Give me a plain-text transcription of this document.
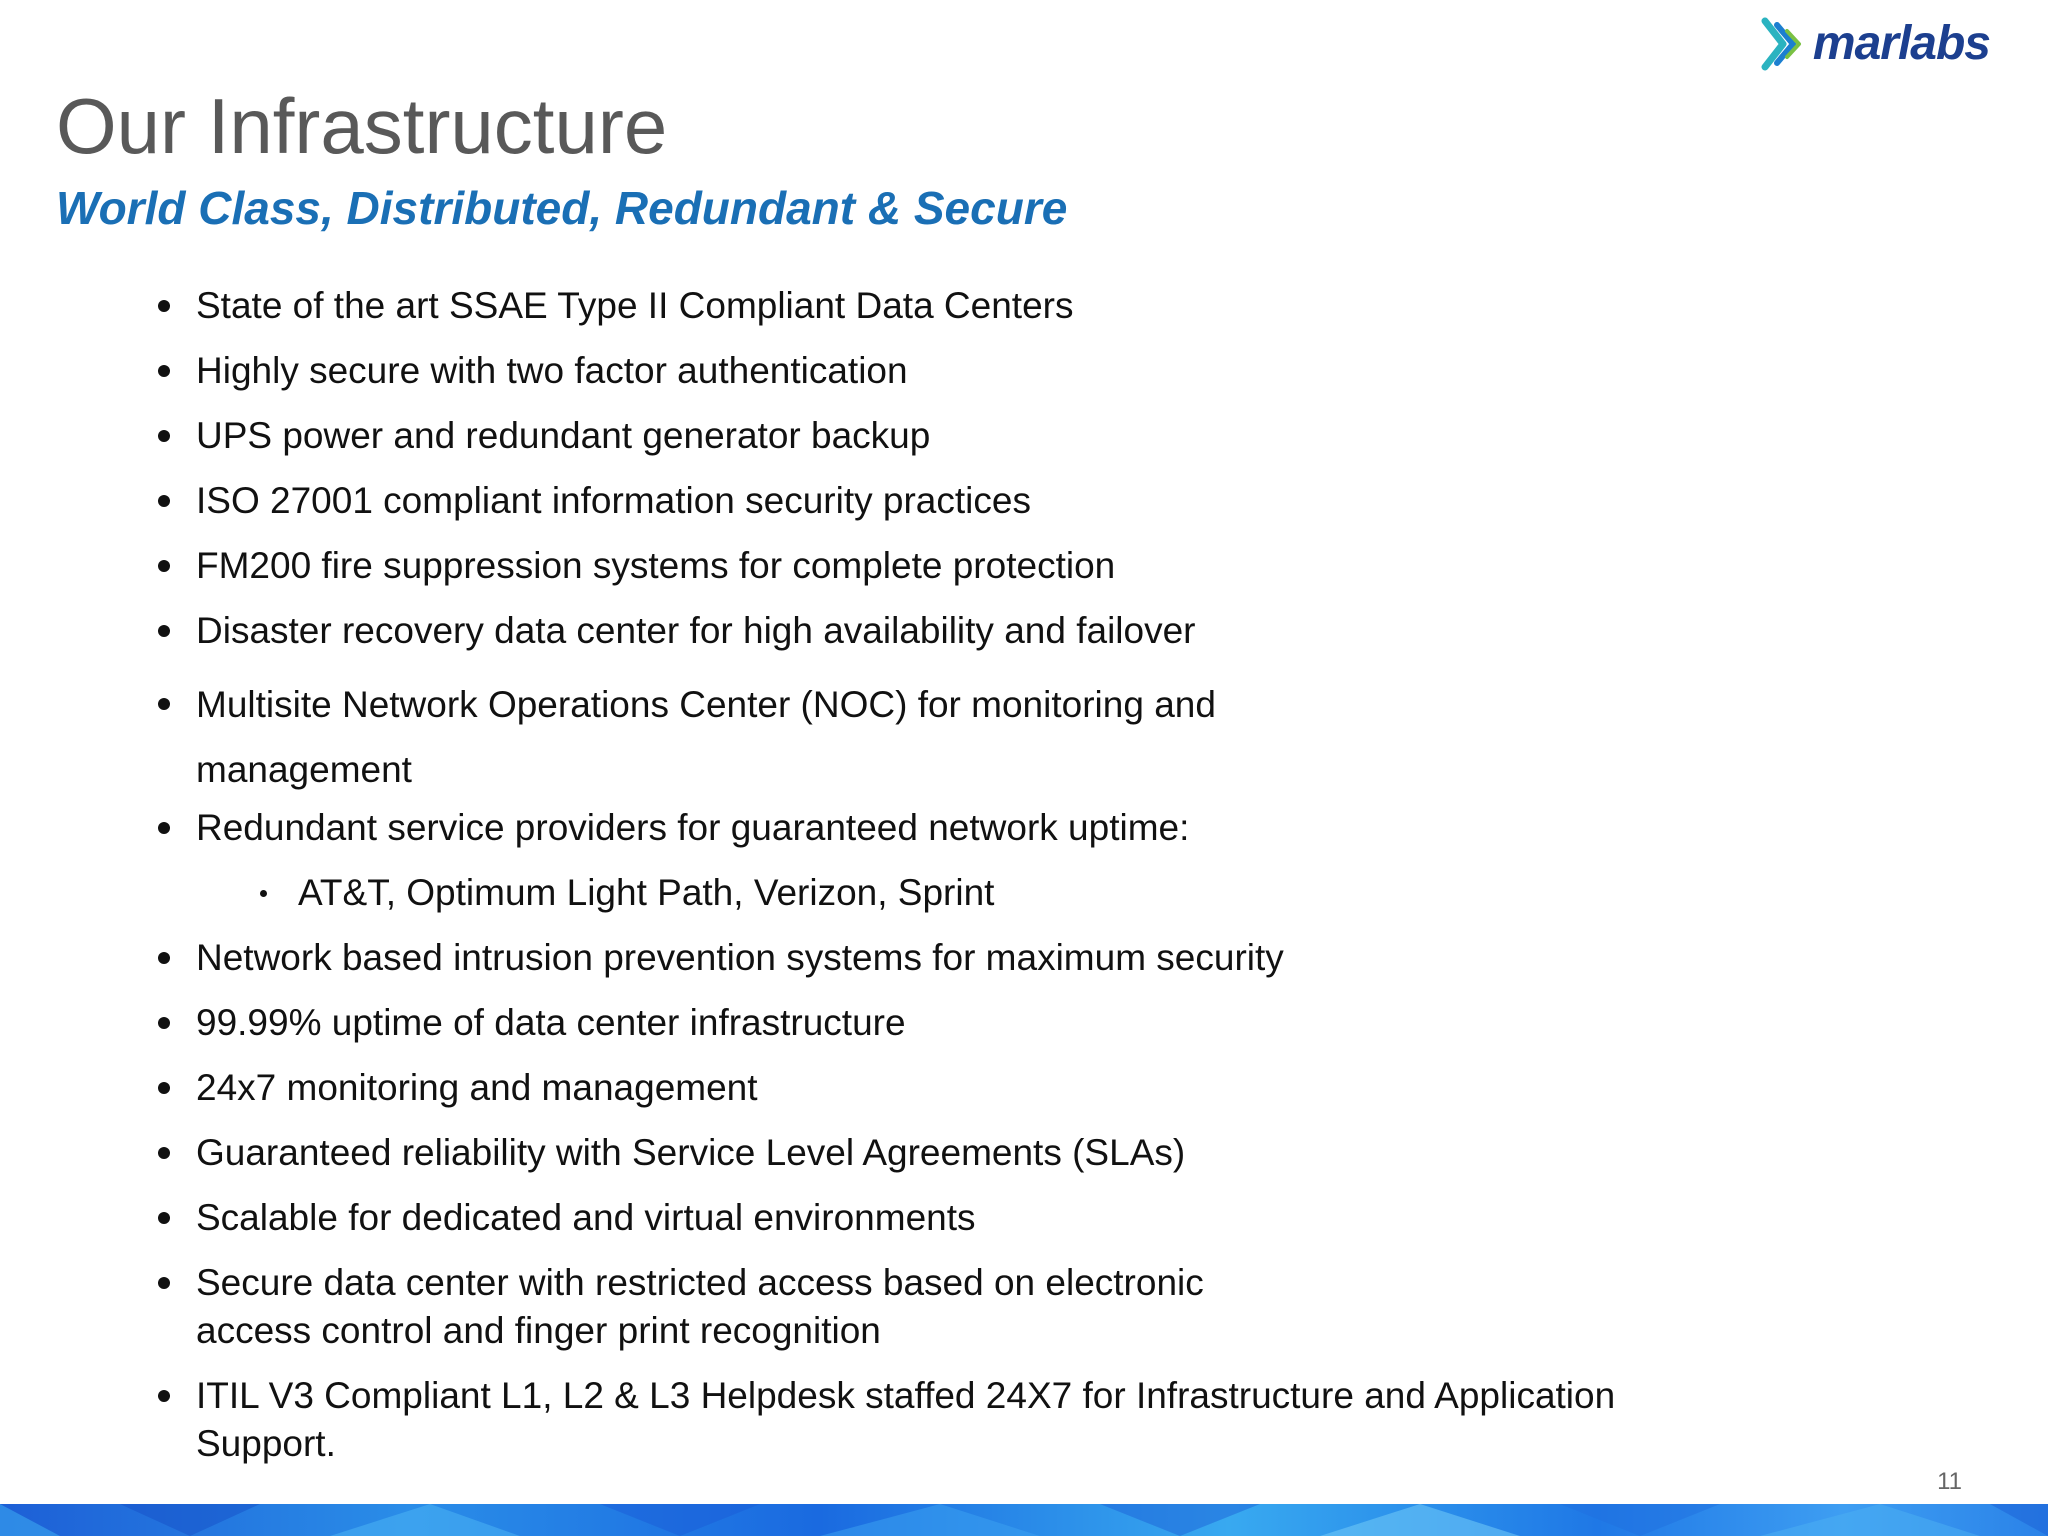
marlabs
Our Infrastructure
World Class, Distributed, Redundant & Secure
State of the art SSAE Type II Compliant Data Centers
Highly secure with two factor authentication
UPS power and redundant generator backup
ISO 27001 compliant information security practices
FM200 fire suppression systems for complete protection
Disaster recovery data center for high availability and failover
Multisite Network Operations Center (NOC) for monitoring and management
Redundant service providers for guaranteed network uptime:
AT&T, Optimum Light Path, Verizon, Sprint
Network based intrusion prevention systems for maximum security
99.99% uptime of data center infrastructure
24x7 monitoring and management
Guaranteed reliability with Service Level Agreements (SLAs)
Scalable for dedicated and virtual environments
Secure data center with restricted access based on electronic access control and finger print recognition
ITIL V3 Compliant L1, L2 & L3 Helpdesk staffed 24X7 for Infrastructure and Application Support.
11
